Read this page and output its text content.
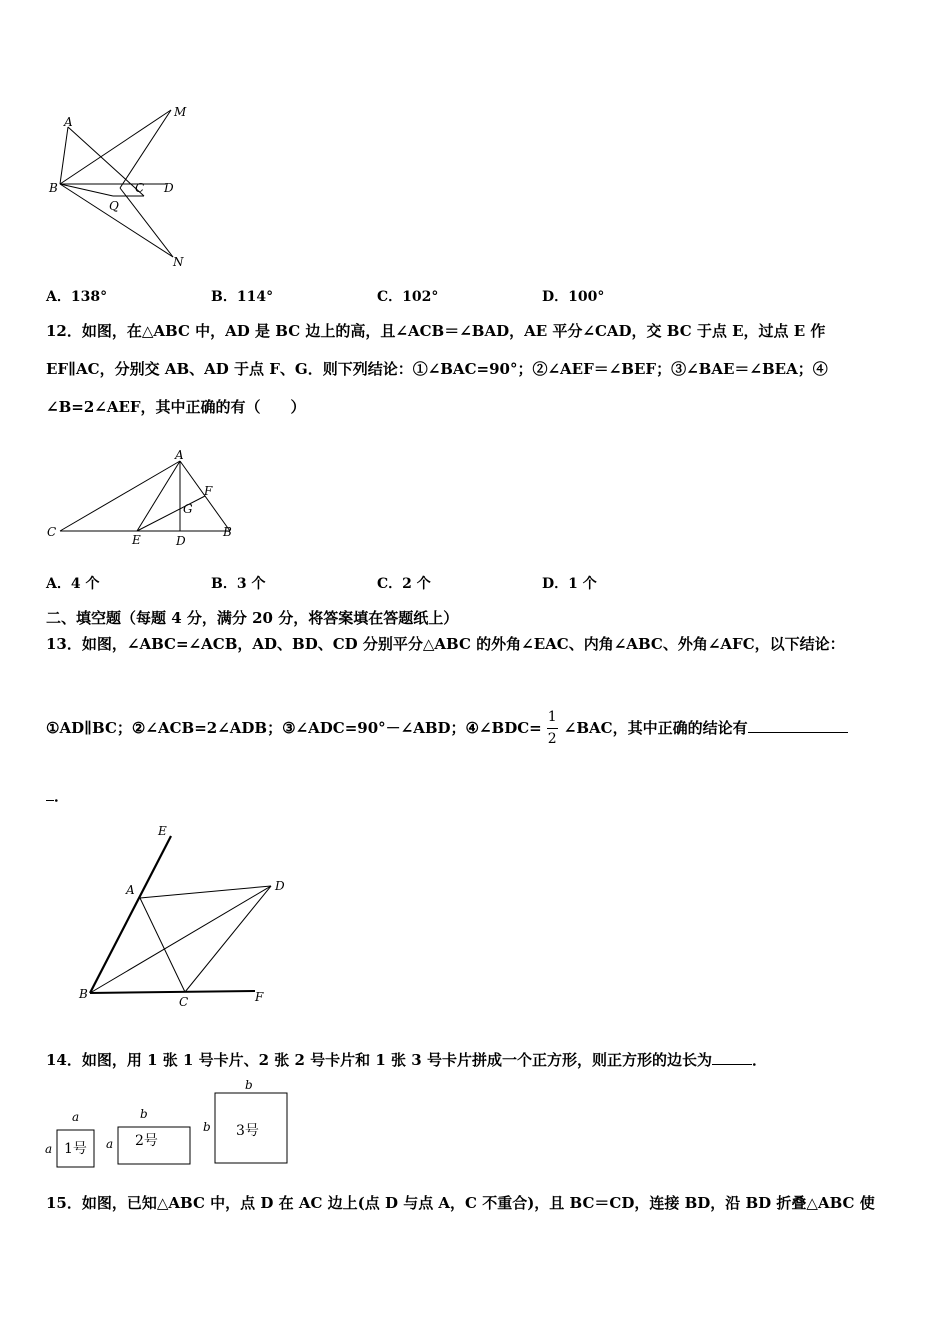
A
M
B	C D
Q
N
A．138°	B．114°	C．102°	D．100°
12．如图，在△ABC 中，AD 是 BC 边上的高，且∠ACB＝∠BAD，AE 平分∠CAD，交 BC 于点 E，过点 E 作
EF∥AC，分别交 AB、AD 于点 F、G．则下列结论：①∠BAC=90°；②∠AEF＝∠BEF；③∠BAE＝∠BEA；④
∠B=2∠AEF，其中正确的有（　　）
A
F
G
C
E	D
B
A．4 个	B．3 个	C．2 个	D．1 个
二、填空题（每题 4 分，满分 20 分，将答案填在答题纸上）
13．如图，∠ABC=∠ACB，AD、BD、CD 分别平分△ABC 的外角∠EAC、内角∠ABC、外角∠AFC，以下结论：
①AD∥BC；②∠ACB=2∠ADB；③∠ADC=90°－∠ABD；④∠BDC=
1
2
∠BAC，其中正确的结论有
．
E
A	D
B
C	F
14．如图，用 1 张 1 号卡片、2 张 2 号卡片和 1 张 3 号卡片拼成一个正方形，则正方形的边长为	．
a
a 1号
b
a 2号
b
b 3号
15．如图，已知△ABC 中，点 D 在 AC 边上(点 D 与点 A，C 不重合)，且 BC＝CD，连接 BD，沿 BD 折叠△ABC 使
